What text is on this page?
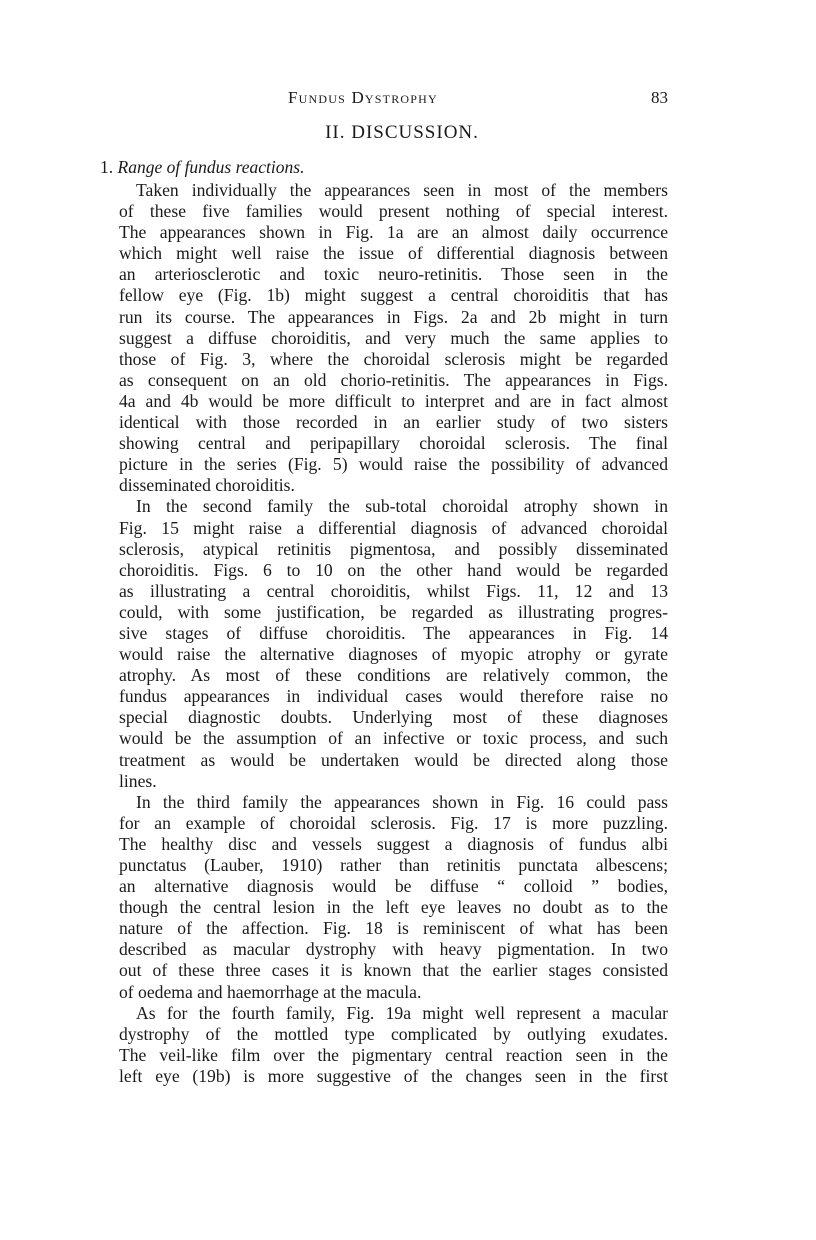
Fundus Dystrophy	83
II. DISCUSSION.
1. Range of fundus reactions.
Taken individually the appearances seen in most of the members
of these five families would present nothing of special interest.
The appearances shown in Fig. 1a are an almost daily occurrence
which might well raise the issue of differential diagnosis between
an arteriosclerotic and toxic neuro-retinitis. Those seen in the
fellow eye (Fig. 1b) might suggest a central choroiditis that has
run its course. The appearances in Figs. 2a and 2b might in turn
suggest a diffuse choroiditis, and very much the same applies to
those of Fig. 3, where the choroidal sclerosis might be regarded
as consequent on an old chorio-retinitis. The appearances in Figs.
4a and 4b would be more difficult to interpret and are in fact almost
identical with those recorded in an earlier study of two sisters
showing central and peripapillary choroidal sclerosis. The final
picture in the series (Fig. 5) would raise the possibility of advanced
disseminated choroiditis.
In the second family the sub-total choroidal atrophy shown in
Fig. 15 might raise a differential diagnosis of advanced choroidal
sclerosis, atypical retinitis pigmentosa, and possibly disseminated
choroiditis. Figs. 6 to 10 on the other hand would be regarded
as illustrating a central choroiditis, whilst Figs. 11, 12 and 13
could, with some justification, be regarded as illustrating progres-
sive stages of diffuse choroiditis. The appearances in Fig. 14
would raise the alternative diagnoses of myopic atrophy or gyrate
atrophy. As most of these conditions are relatively common, the
fundus appearances in individual cases would therefore raise no
special diagnostic doubts. Underlying most of these diagnoses
would be the assumption of an infective or toxic process, and such
treatment as would be undertaken would be directed along those
lines.
In the third family the appearances shown in Fig. 16 could pass
for an example of choroidal sclerosis. Fig. 17 is more puzzling.
The healthy disc and vessels suggest a diagnosis of fundus albi
punctatus (Lauber, 1910) rather than retinitis punctata albescens;
an alternative diagnosis would be diffuse “ colloid ” bodies,
though the central lesion in the left eye leaves no doubt as to the
nature of the affection. Fig. 18 is reminiscent of what has been
described as macular dystrophy with heavy pigmentation. In two
out of these three cases it is known that the earlier stages consisted
of oedema and haemorrhage at the macula.
As for the fourth family, Fig. 19a might well represent a macular
dystrophy of the mottled type complicated by outlying exudates.
The veil-like film over the pigmentary central reaction seen in the
left eye (19b) is more suggestive of the changes seen in the first
